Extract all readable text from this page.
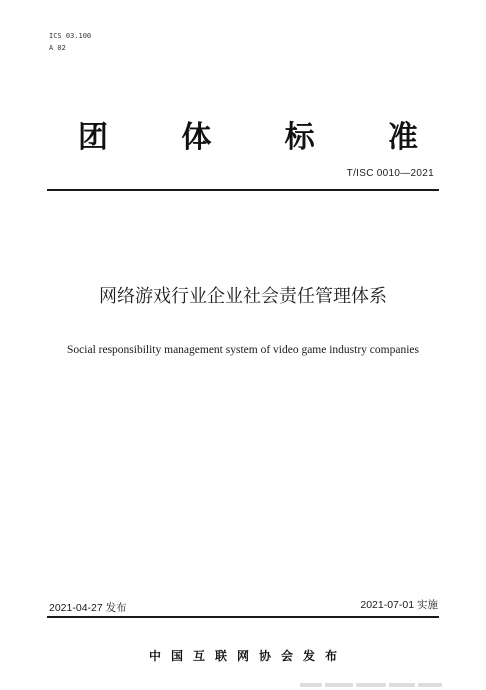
ICS 03.100
A 02
团 体 标 准
T/ISC 0010—2021
网络游戏行业企业社会责任管理体系
Social responsibility management system of video game industry companies
2021-04-27 发布	2021-07-01 实施
中国互联网协会发布
